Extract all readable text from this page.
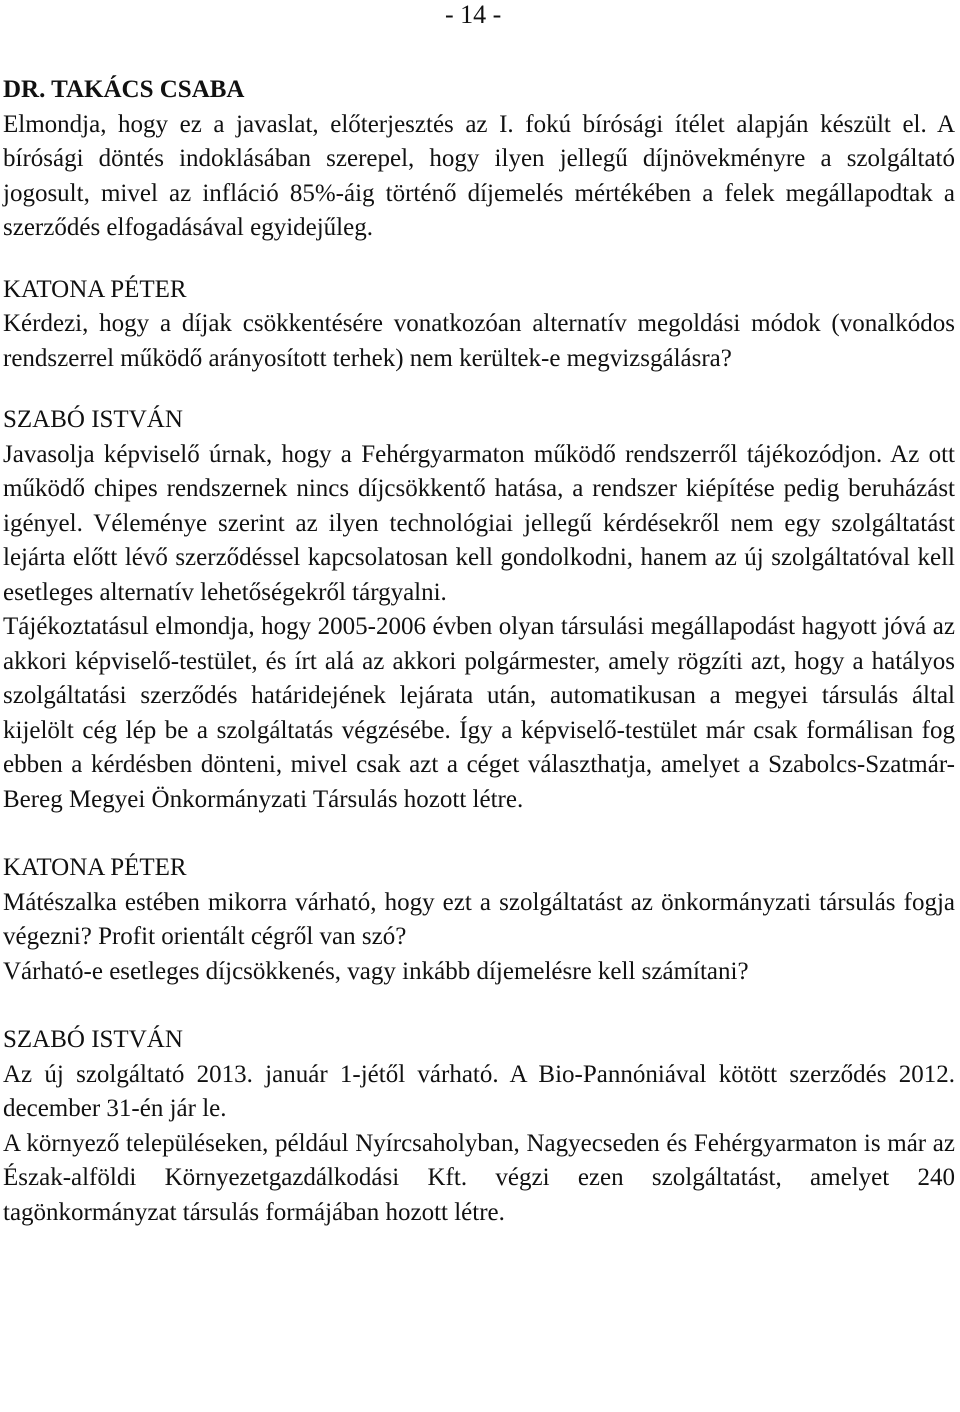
- 14 -

DR. TAKÁCS CSABA

Elmondja, hogy ez a javaslat, előterjesztés az I. fokú bírósági ítélet alapján készült el. A bírósági döntés indoklásában szerepel, hogy ilyen jellegű díjnövekményre a szolgáltató jogosult, mivel az infláció 85%-áig történő díjemelés mértékében a felek megállapodtak a szerződés elfogadásával egyidejűleg.

KATONA PÉTER

Kérdezi, hogy a díjak csökkentésére vonatkozóan alternatív megoldási módok (vonalkódos rendszerrel működő arányosított terhek) nem kerültek-e megvizsgálásra?

SZABÓ ISTVÁN

Javasolja képviselő úrnak, hogy a Fehérgyarmaton működő rendszerről tájékozódjon. Az ott működő chipes rendszernek nincs díjcsökkentő hatása, a rendszer kiépítése pedig beruházást igényel. Véleménye szerint az ilyen technológiai jellegű kérdésekről nem egy szolgáltatást lejárta előtt lévő szerződéssel kapcsolatosan kell gondolkodni, hanem az új szolgáltatóval kell esetleges alternatív lehetőségekről tárgyalni.

Tájékoztatásul elmondja, hogy 2005-2006 évben olyan társulási megállapodást hagyott jóvá az akkori képviselő-testület, és írt alá az akkori polgármester, amely rögzíti azt, hogy a hatályos szolgáltatási szerződés határidejének lejárata után, automatikusan a megyei társulás által kijelölt cég lép be a szolgáltatás végzésébe. Így a képviselő-testület már csak formálisan fog ebben a kérdésben dönteni, mivel csak azt a céget választhatja, amelyet a Szabolcs-Szatmár-Bereg Megyei Önkormányzati Társulás hozott létre.

KATONA PÉTER

Mátészalka estében mikorra várható, hogy ezt a szolgáltatást az önkormányzati társulás fogja végezni? Profit orientált cégről van szó?

Várható-e esetleges díjcsökkenés, vagy inkább díjemelésre kell számítani?

SZABÓ ISTVÁN

Az új szolgáltató 2013. január 1-jétől várható. A Bio-Pannóniával kötött szerződés 2012. december 31-én jár le.

A környező településeken, például Nyírcsaholyban, Nagyecseden és Fehérgyarmaton is már az Észak-alföldi Környezetgazdálkodási Kft. végzi ezen szolgáltatást, amelyet 240 tagönkormányzat társulás formájában hozott létre.
